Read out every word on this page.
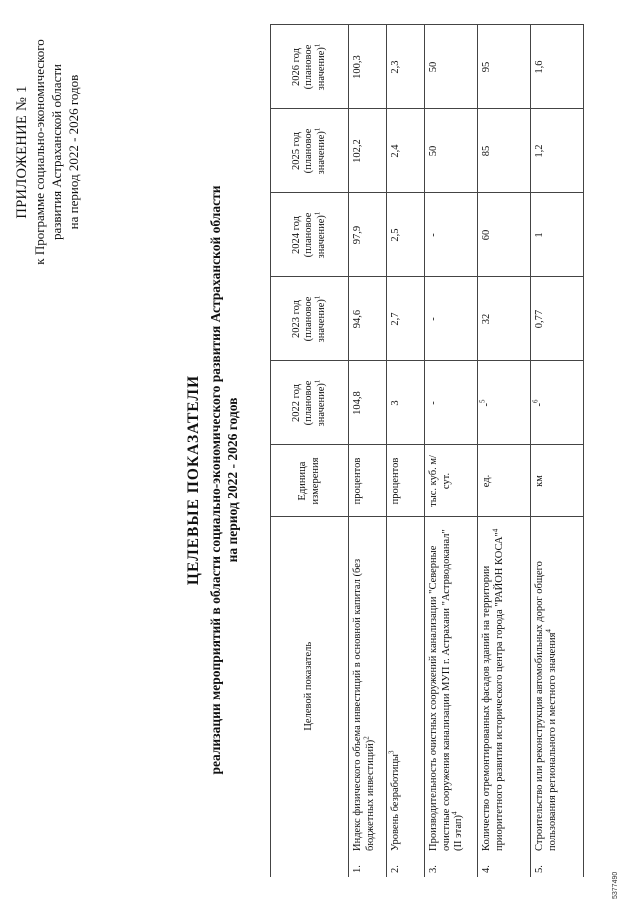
ПРИЛОЖЕНИЕ № 1 к Программе социально-экономического развития Астраханской области на период 2022 - 2026 годов
ЦЕЛЕВЫЕ ПОКАЗАТЕЛИ реализации мероприятий в области социально-экономического развития Астраханской области на период 2022 - 2026 годов
	Целевой показатель	Единица измерения	2022 год (плановое значение)$^1$	2023 год (плановое значение)$^1$	2024 год (плановое значение)$^1$	2025 год (плановое значение)$^1$	2026 год (плановое значение)$^1$
1.	Индекс физического объема инвестиций в основной капитал (без бюджетных инвестиций)$^2$	процентов	104,8	94,6	97,9	102,2	100,3
2.	Уровень безработицы$^3$	процентов	3	2,7	2,5	2,4	2,3
3.	Производительность очистных сооружений канализации "Северные очистные сооружения канализации МУП г. Астрахани "Астрводоканал" (II этап)$^4$	тыс. куб. м/сут.	-	-	-	50	50
4.	Количество отремонтированных фасадов зданий на территории приоритетного развития исторического центра города "РАЙОН КОСА"$^4$	ед.	-$^5$	32	60	85	95
5.	Строительство или реконструкция автомобильных дорог общего пользования регионального и местного значения$^4$	км	-$^6$	0,77	1	1,2	1,6
5377490
